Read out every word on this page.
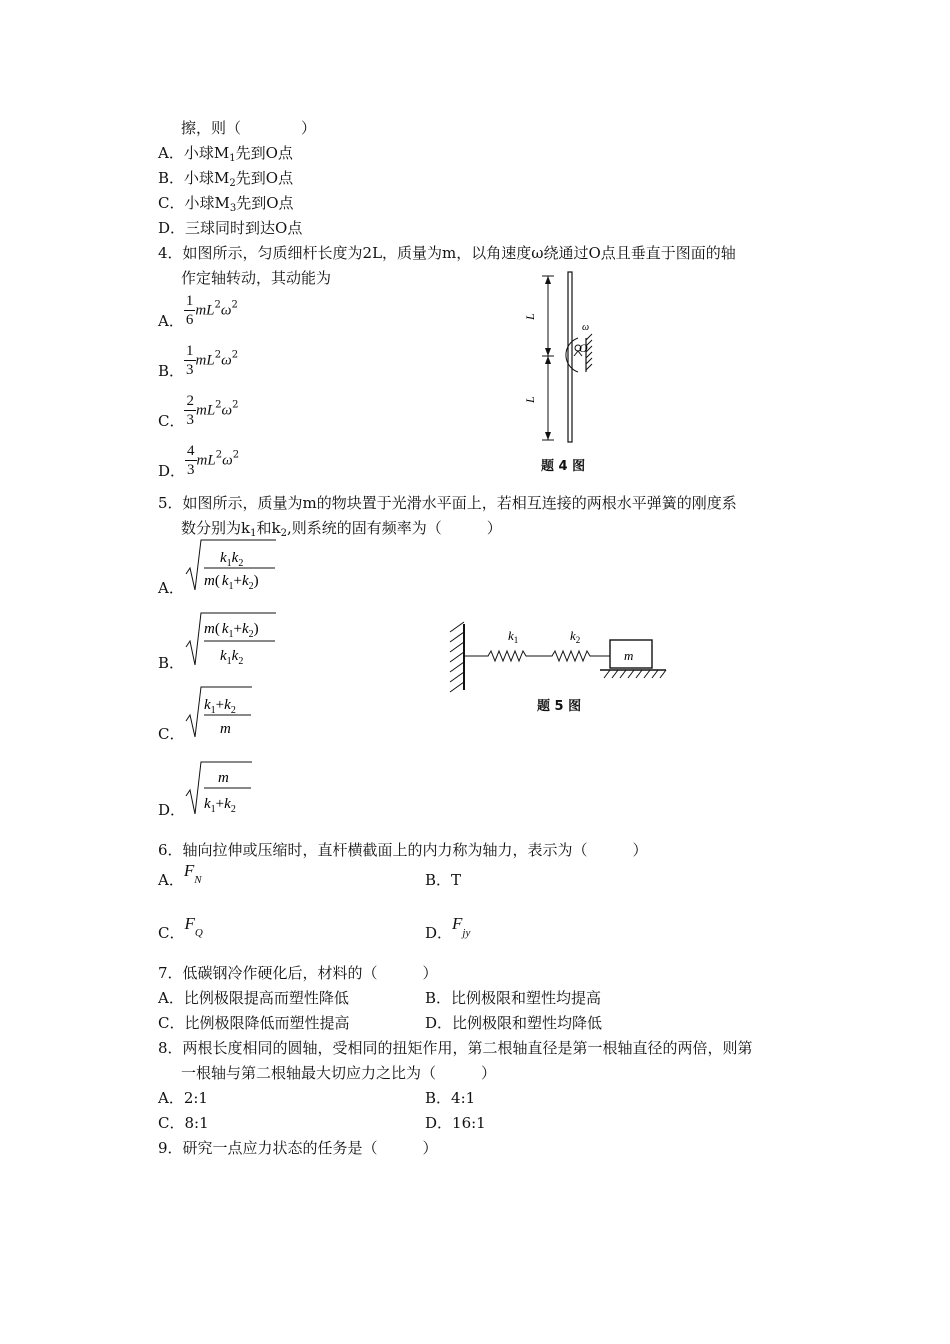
擦，则（　　　　）
A．小球$M_1$先到O点
B．小球$M_2$先到O点
C．小球$M_3$先到O点
D．三球同时到达O点
4．如图所示，匀质细杆长度为2L，质量为m，以角速度ω绕通过O点且垂直于图面的轴
作定轴转动，其动能为
A． $\frac{1}{6} mL^2\omega^2$
B． $\frac{1}{3} mL^2\omega^2$
C． $\frac{2}{3} mL^2\omega^2$
D． $\frac{4}{3} mL^2\omega^2$
L
L
O
ω
题 4 图
5．如图所示，质量为m的物块置于光滑水平面上，若相互连接的两根水平弹簧的刚度系
数分别为$k_1$和$k_2$,则系统的固有频率为（　　　）
A．
$k_1k_2$
m( $k_1+k_2$)
B．
m( $k_1+k_2$)
$k_1k_2$
C．
$k_1+k_2$
m
D．
m
$k_1+k_2$
m
$k_1$	$k_2$
题 5 图
6．轴向拉伸或压缩时，直杆横截面上的内力称为轴力，表示为（　　　）
A．FN	B．T
C．FQ	D．Fjy
7．低碳钢冷作硬化后，材料的（　　　）
A．比例极限提高而塑性降低	B．比例极限和塑性均提高
C．比例极限降低而塑性提高	D．比例极限和塑性均降低
8．两根长度相同的圆轴，受相同的扭矩作用，第二根轴直径是第一根轴直径的两倍，则第
一根轴与第二根轴最大切应力之比为（　　　）
A．2:1	B．4:1
C．8:1	D．16:1
9．研究一点应力状态的任务是（　　　）
